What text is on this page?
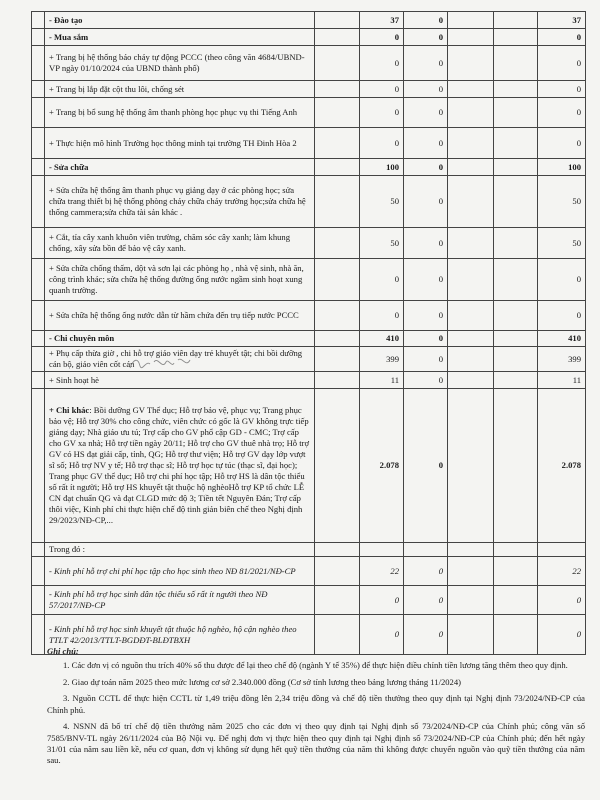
	- Đào tạo		37	0			37
	- Mua sắm		0	0			0
	+ Trang bị hệ thống báo cháy tự động PCCC (theo công văn 4684/UBND-VP ngày 01/10/2024 của UBND thành phố)		0	0			0
	+ Trang bị lắp đặt cột thu lôi, chống sét		0	0			0
	+ Trang bị bổ sung hệ thống âm thanh phòng học phục vụ thi Tiếng Anh		0	0			0
	+ Thực hiện mô hình Trường học thông minh tại trường TH Đinh Hòa 2		0	0			0
	- Sửa chữa		100	0			100
	+ Sửa chữa hệ thống âm thanh phục vụ giảng dạy ở các phòng học; sửa chữa trang thiết bị hệ thống phòng cháy chữa cháy trường học;sửa chữa hệ thống cammera;sửa chữa tài sản khác .		50	0			50
	+ Cắt, tỉa cây xanh khuôn viên trường, chăm sóc cây xanh; làm khung chống, xây sửa bồn để bảo vệ cây xanh.		50	0			50
	+ Sửa chữa chống thấm, dột và sơn lại các phòng họ , nhà vệ sinh, nhà ăn, công trình khác; sửa chữa hệ thống đường ống nước ngầm sinh hoạt xung quanh trường.		0	0			0
	+ Sửa chữa hệ thống ống nước dẫn từ hầm chứa đến trụ tiếp nước PCCC		0	0			0
	- Chi chuyên môn		410	0			410
	+ Phụ cấp thừa giờ , chi hỗ trợ giáo viên dạy trẻ khuyết tật; chi bồi dưỡng cán bộ, giáo viên cốt cán		399	0			399
	+ Sinh hoạt hè		11	0			11
	+ Chi khác: Bồi dưỡng GV Thể dục; Hỗ trợ bảo vệ, phục vụ; Trang phục bảo vệ; Hỗ trợ 30% cho công chức, viên chức có gốc là GV không trực tiếp giảng dạy; Nhà giáo ưu tú; Trợ cấp cho GV phổ cập GD - CMC; Trợ cấp cho GV xa nhà; Hỗ trợ tiền ngày 20/11; Hỗ trợ cho GV thuê nhà trọ; Hỗ trợ GV có HS đạt giải cấp, tỉnh, QG; Hỗ trợ thư viện; Hỗ trợ GV dạy lớp vượt sĩ số; Hỗ trợ NV y tế; Hỗ trợ thạc sĩ; Hỗ trợ học tự túc (thạc sĩ, đại học); Trang phục GV thể dục; Hỗ trợ chi phí học tập; Hỗ trợ HS là dân tộc thiểu số rất ít người; Hỗ trợ HS khuyết tật thuộc hộ nghèoHỗ trợ KP tổ chức LỄ CN đạt chuẩn QG và đạt CLGD mức độ 3; Tiền tết Nguyên Đán; Trợ cấp thôi việc, Kinh phí chi thực hiện chế độ tinh giản biên chế theo Nghị định 29/2023/NĐ-CP,...		2.078	0			2.078
	Trong đó :						
	- Kinh phí hỗ trợ chi phí học tập cho học sinh theo NĐ 81/2021/NĐ-CP		22	0			22
	- Kinh phí hỗ trợ học sinh dân tộc thiểu số rất ít người theo NĐ 57/2017/NĐ-CP		0	0			0
	- Kinh phí hỗ trợ học sinh khuyết tật thuộc hộ nghèo, hộ cận nghèo theo TTLT 42/2013/TTLT-BGDĐT-BLĐTBXH		0	0			0
Ghi chú:

1. Các đơn vị có nguồn thu trích 40% số thu được để lại theo chế độ (ngành Y tế 35%) để thực hiện điều chỉnh tiền lương tăng thêm theo quy định.

2. Giao dự toán năm 2025 theo mức lương cơ sở 2.340.000 đồng (Cơ sở tính lương theo bảng lương tháng 11/2024)

3. Nguồn CCTL để thực hiện CCTL từ 1,49 triệu đồng lên 2,34 triệu đồng và chế độ tiền thưởng theo quy định tại Nghị định 73/2024/NĐ-CP của Chính phủ.

4. NSNN đã bố trí chế độ tiền thưởng năm 2025 cho các đơn vị theo quy định tại Nghị định số 73/2024/NĐ-CP của Chính phủ; công văn số 7585/BNV-TL ngày 26/11/2024 của Bộ Nội vụ. Để nghị đơn vị thực hiện theo quy định tại Nghị định số 73/2024/NĐ-CP của Chính phủ; đến hết ngày 31/01 của năm sau liền kề, nếu cơ quan, đơn vị không sử dụng hết quỹ tiền thưởng của năm thì không được chuyển nguồn vào quỹ tiền thưởng của năm sau.
